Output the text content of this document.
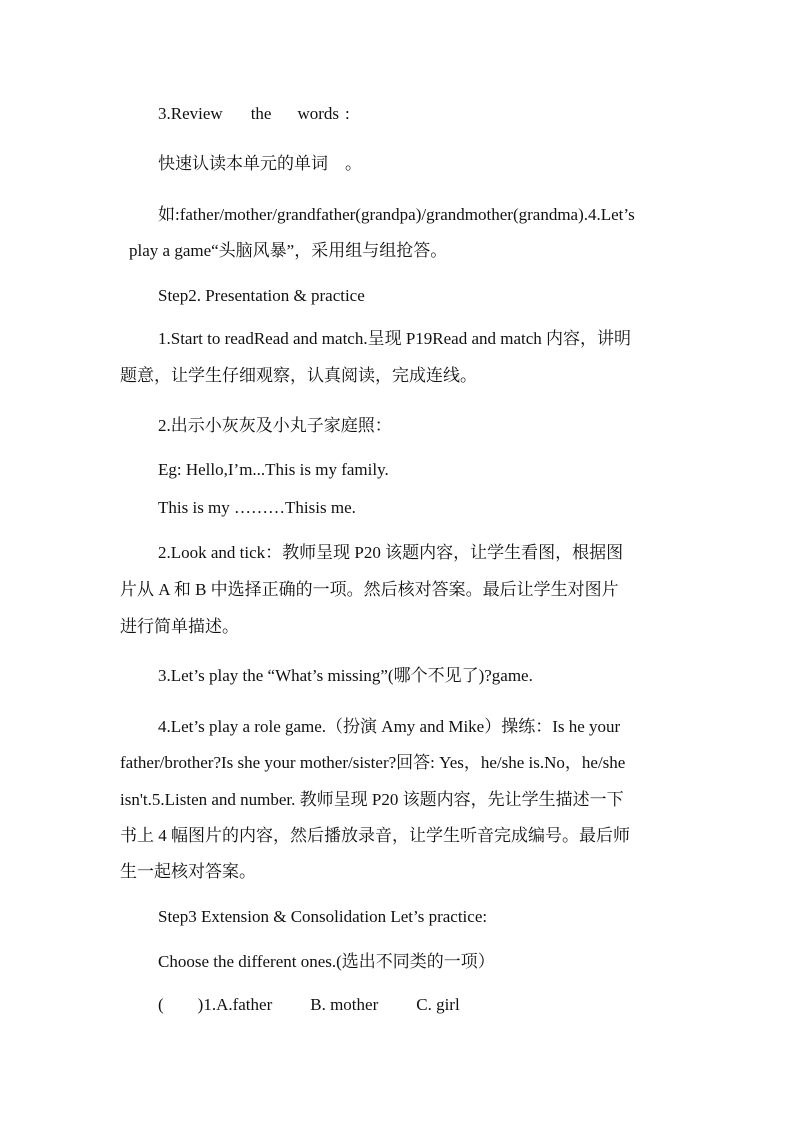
3.Review the words :
快速认读本单元的单词　。
如:father/mother/grandfather(grandpa)/grandmother(grandma).4.Let’s
play a game“头脑风暴”，采用组与组抢答。
Step2. Presentation & practice
1.Start to readRead and match.呈现 P19Read and match 内容，讲明
题意，让学生仔细观察，认真阅读，完成连线。
2.出示小灰灰及小丸子家庭照：
Eg: Hello,I’m...This is my family.
This is my ………Thisis me.
2.Look and tick：教师呈现 P20 该题内容，让学生看图，根据图
片从 A 和 B 中选择正确的一项。然后核对答案。最后让学生对图片
进行简单描述。
3.Let’s play the “What’s missing”(哪个不见了)?game.
4.Let’s play a role game.（扮演 Amy and Mike）操练：Is he your
father/brother?Is she your mother/sister?回答: Yes，he/she is.No，he/she
isn't.5.Listen and number. 教师呈现 P20 该题内容，先让学生描述一下
书上 4 幅图片的内容，然后播放录音，让学生听音完成编号。最后师
生一起核对答案。
Step3 Extension & Consolidation Let’s practice:
Choose the different ones.(选出不同类的一项）
(　　)1.A.father B. mother C. girl
